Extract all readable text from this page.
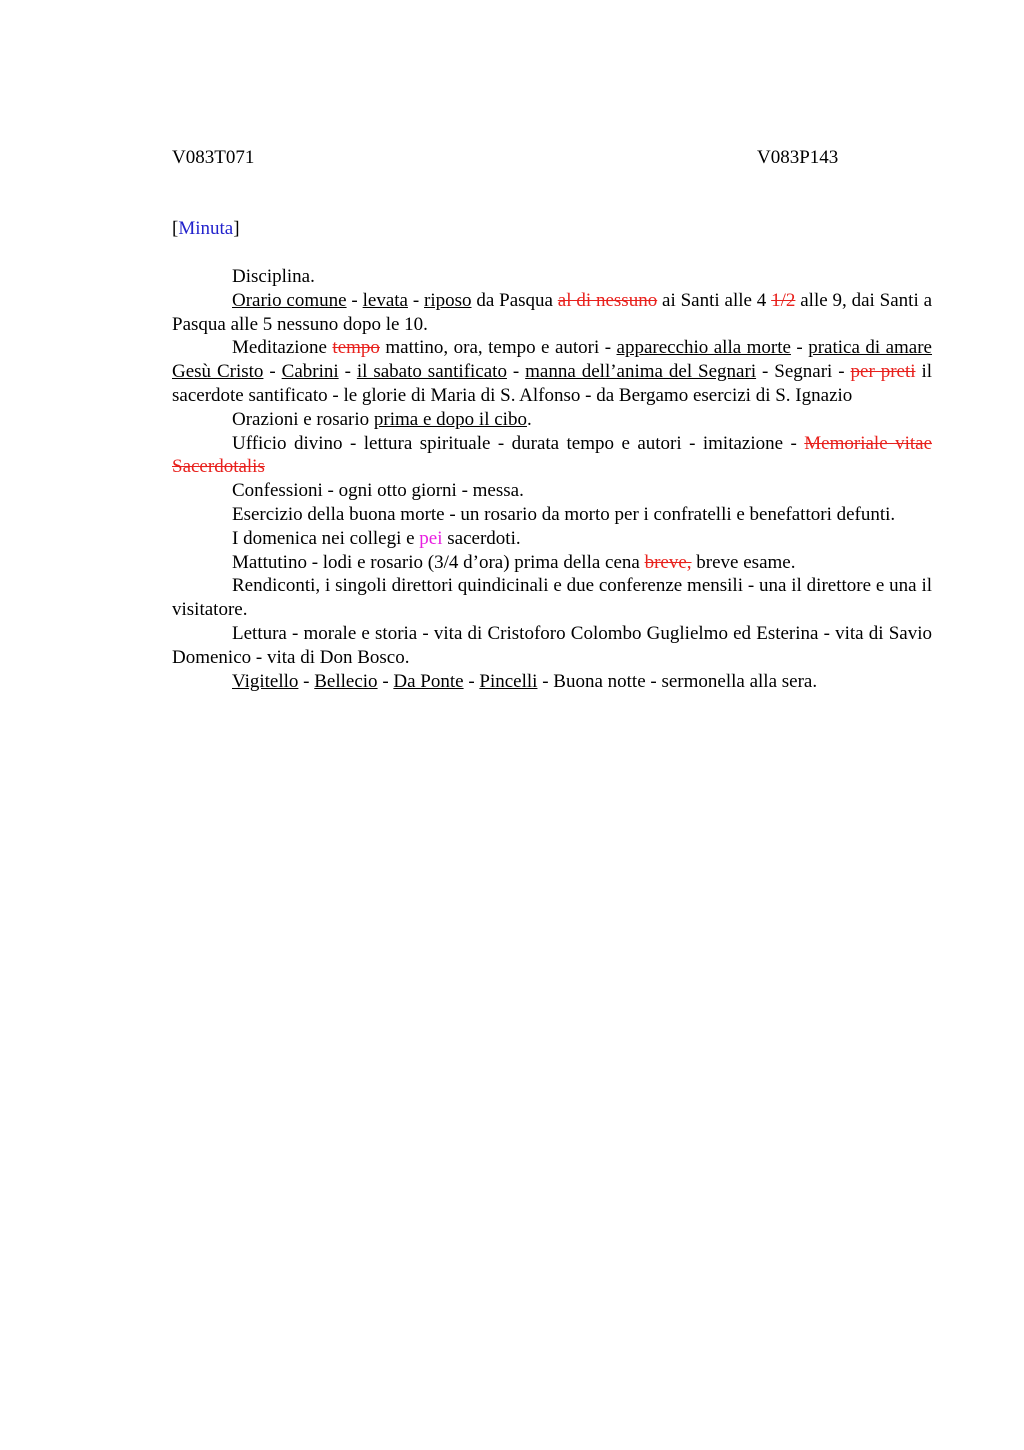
V083T071	V083P143
[Minuta]

Disciplina.

Orario comune - levata - riposo da Pasqua al di nessuno ai Santi alle 4 1/2 alle 9, dai Santi a Pasqua alle 5 nessuno dopo le 10.

Meditazione tempo mattino, ora, tempo e autori - apparecchio alla morte - pratica di amare Gesù Cristo - Cabrini - il sabato santificato - manna dell’anima del Segnari - Segnari - per preti il sacerdote santificato - le glorie di Maria di S. Alfonso - da Bergamo esercizi di S. Ignazio

Orazioni e rosario prima e dopo il cibo.

Ufficio divino - lettura spirituale - durata tempo e autori - imitazione - Memoriale vitae Sacerdotalis

Confessioni - ogni otto giorni - messa.

Esercizio della buona morte - un rosario da morto per i confratelli e benefattori defunti.

I domenica nei collegi e pei sacerdoti.

Mattutino - lodi e rosario (3/4 d’ora) prima della cena breve, breve esame.

Rendiconti, i singoli direttori quindicinali e due conferenze mensili - una il direttore e una il visitatore.

Lettura - morale e storia - vita di Cristoforo Colombo Guglielmo ed Esterina - vita di Savio Domenico - vita di Don Bosco.

Vigitello - Bellecio - Da Ponte - Pincelli - Buona notte - sermonella alla sera.
